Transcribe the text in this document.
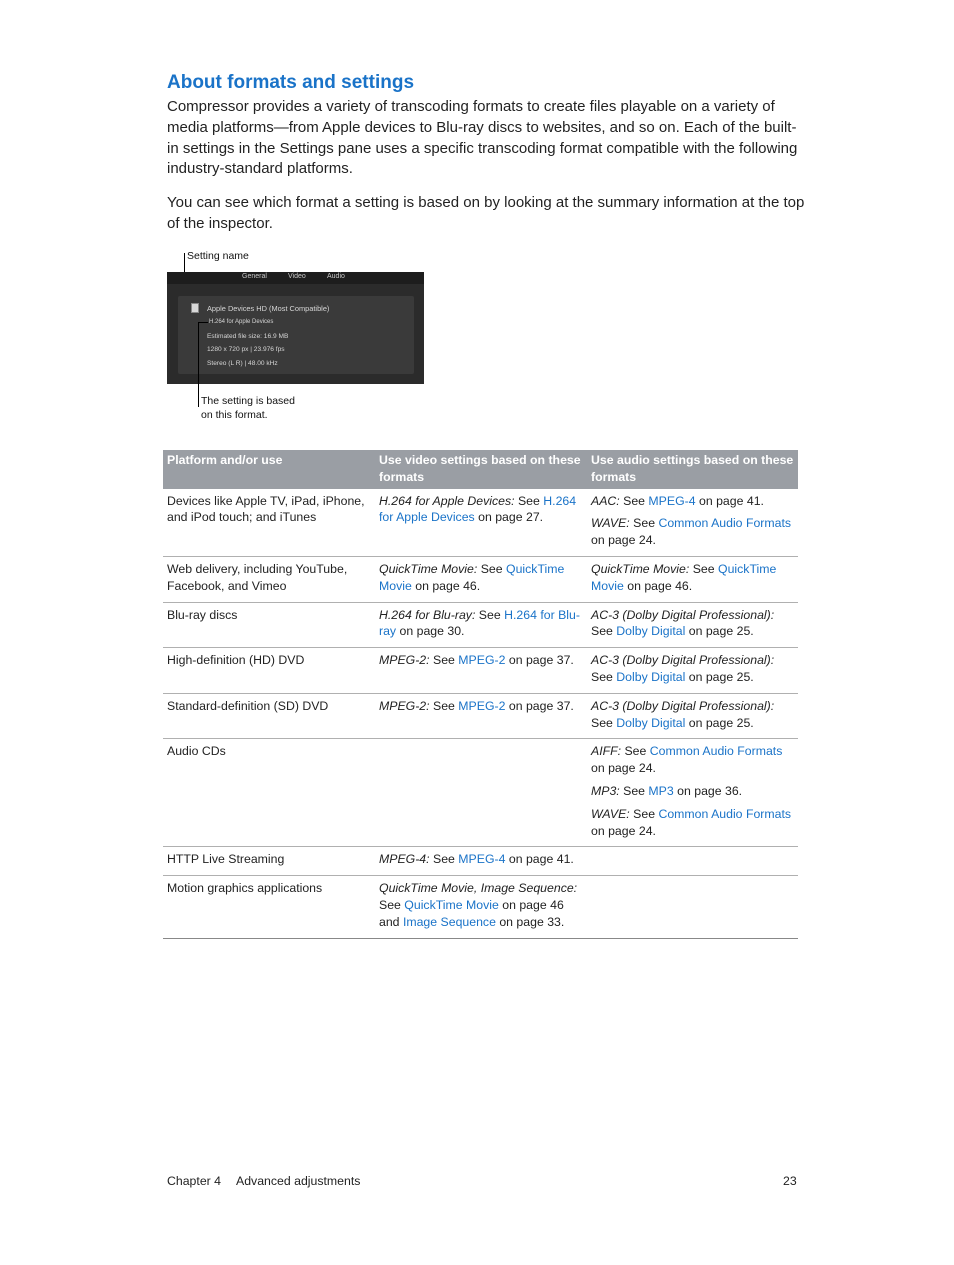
About formats and settings

Compressor provides a variety of transcoding formats to create files playable on a variety of media platforms—from Apple devices to Blu-ray discs to websites, and so on. Each of the built-in settings in the Settings pane uses a specific transcoding format compatible with the following industry-standard platforms.

You can see which format a setting is based on by looking at the summary information at the top of the inspector.

Setting name
General	Video	Audio
Apple Devices HD (Most Compatible)
H.264 for Apple Devices
Estimated file size: 16.9 MB
1280 x 720 px | 23.976 fps
Stereo (L R) | 48.00 kHz
The setting is based
on this format.
Platform and/or use	Use video settings based on these formats	Use audio settings based on these formats
Devices like Apple TV, iPad, iPhone, and iPod touch; and iTunes	H.264 for Apple Devices: See H.264 for Apple Devices on page 27.	AAC: See MPEG-4 on page 41.
WAVE: See Common Audio Formats on page 24.

Web delivery, including YouTube, Facebook, and Vimeo	QuickTime Movie: See QuickTime Movie on page 46.	QuickTime Movie: See QuickTime Movie on page 46.

Blu-ray discs	H.264 for Blu-ray: See H.264 for Blu-ray on page 30.	AC-3 (Dolby Digital Professional): See Dolby Digital on page 25.

High-definition (HD) DVD	MPEG-2: See MPEG-2 on page 37.	AC-3 (Dolby Digital Professional): See Dolby Digital on page 25.

Standard-definition (SD) DVD	MPEG-2: See MPEG-2 on page 37.	AC-3 (Dolby Digital Professional): See Dolby Digital on page 25.

Audio CDs		AIFF: See Common Audio Formats on page 24.
MP3: See MP3 on page 36.
WAVE: See Common Audio Formats on page 24.

HTTP Live Streaming	MPEG-4: See MPEG-4 on page 41.	

Motion graphics applications	QuickTime Movie, Image Sequence: See QuickTime Movie on page 46 and Image Sequence on page 33.	

Chapter 4 Advanced adjustments	23
